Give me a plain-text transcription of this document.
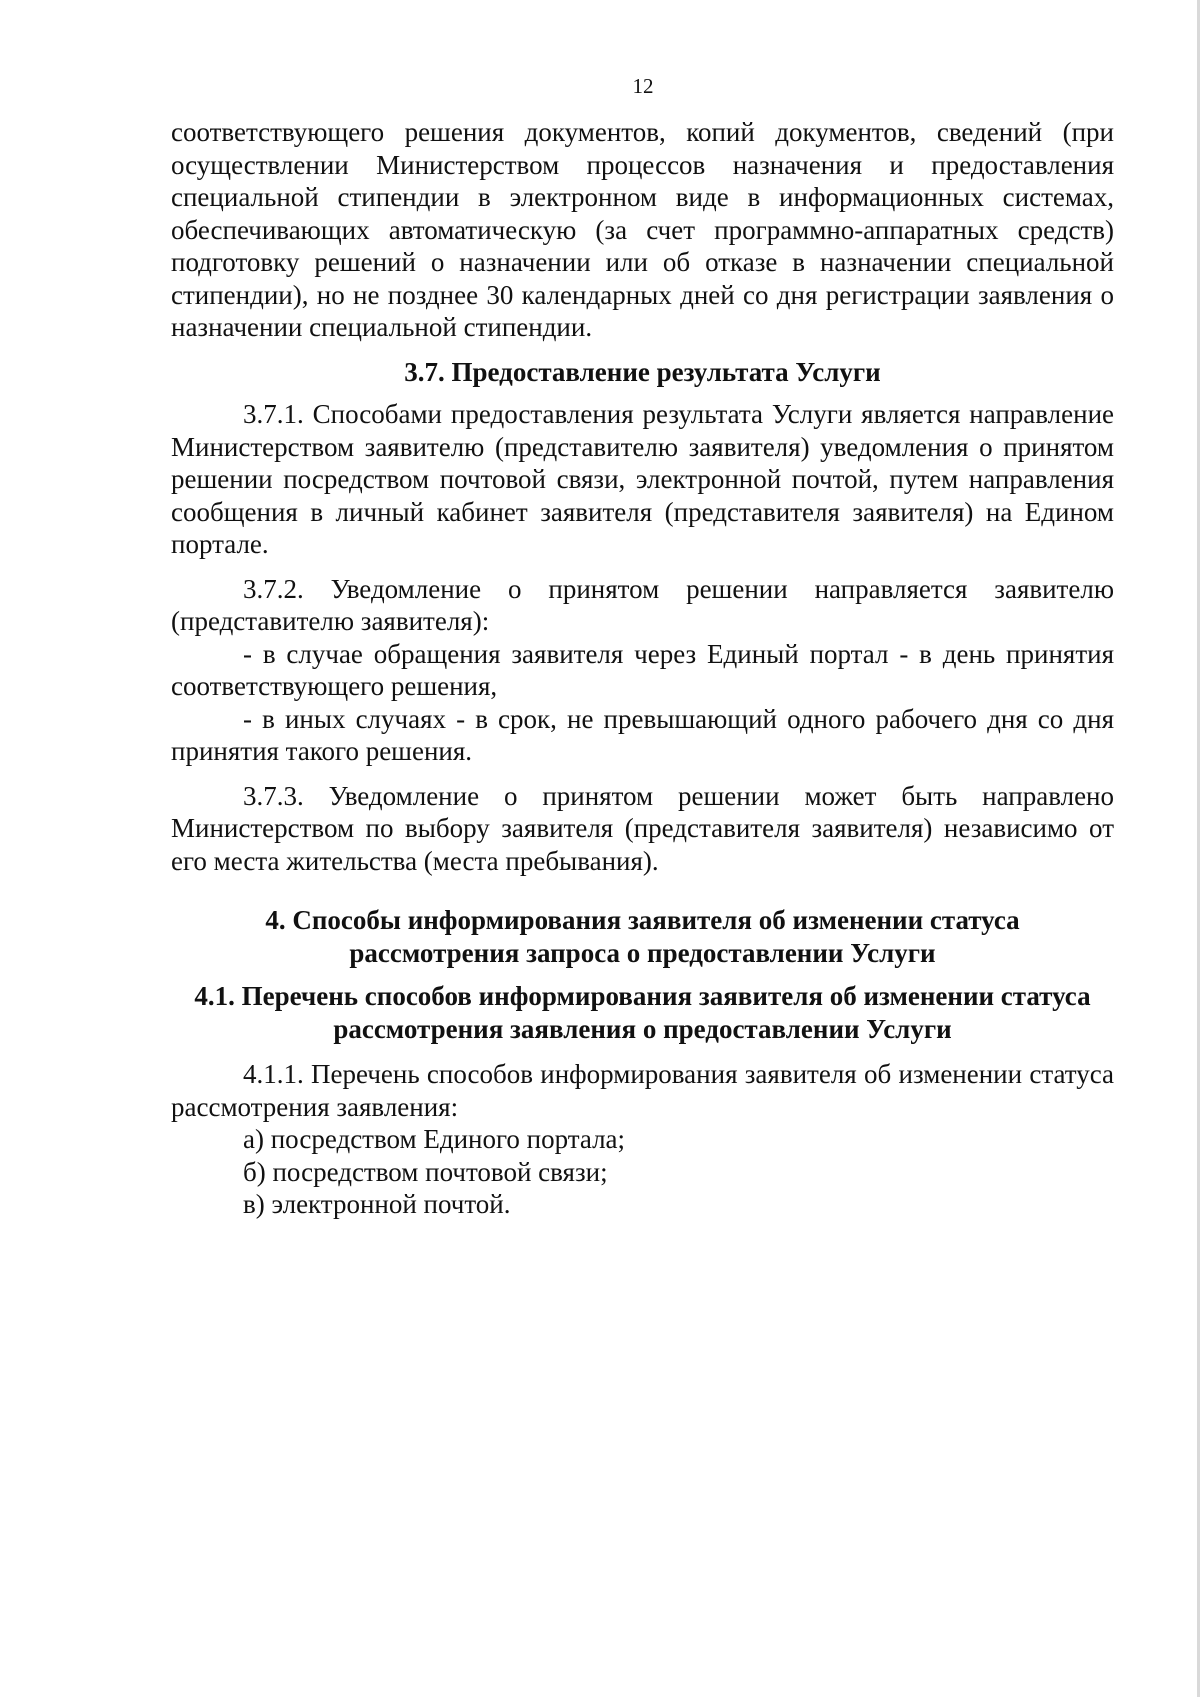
12

соответствующего решения документов, копий документов, сведений (при осуществлении Министерством процессов назначения и предоставления специальной стипендии в электронном виде в информационных системах, обеспечивающих автоматическую (за счет программно-аппаратных средств) подготовку решений о назначении или об отказе в назначении специальной стипендии), но не позднее 30 календарных дней со дня регистрации заявления о назначении специальной стипендии.

3.7. Предоставление результата Услуги

3.7.1. Способами предоставления результата Услуги является направление Министерством заявителю (представителю заявителя) уведомления о принятом решении посредством почтовой связи, электронной почтой, путем направления сообщения в личный кабинет заявителя (представителя заявителя) на Едином портале.

3.7.2. Уведомление о принятом решении направляется заявителю (представителю заявителя):

- в случае обращения заявителя через Единый портал - в день принятия соответствующего решения,

- в иных случаях - в срок, не превышающий одного рабочего дня со дня принятия такого решения.

3.7.3. Уведомление о принятом решении может быть направлено Министерством по выбору заявителя (представителя заявителя) независимо от его места жительства (места пребывания).

4. Способы информирования заявителя об изменении статуса
рассмотрения запроса о предоставлении Услуги
4.1. Перечень способов информирования заявителя об изменении статуса
рассмотрения заявления о предоставлении Услуги

4.1.1. Перечень способов информирования заявителя об изменении статуса рассмотрения заявления:

а) посредством Единого портала;

б) посредством почтовой связи;

в) электронной почтой.
